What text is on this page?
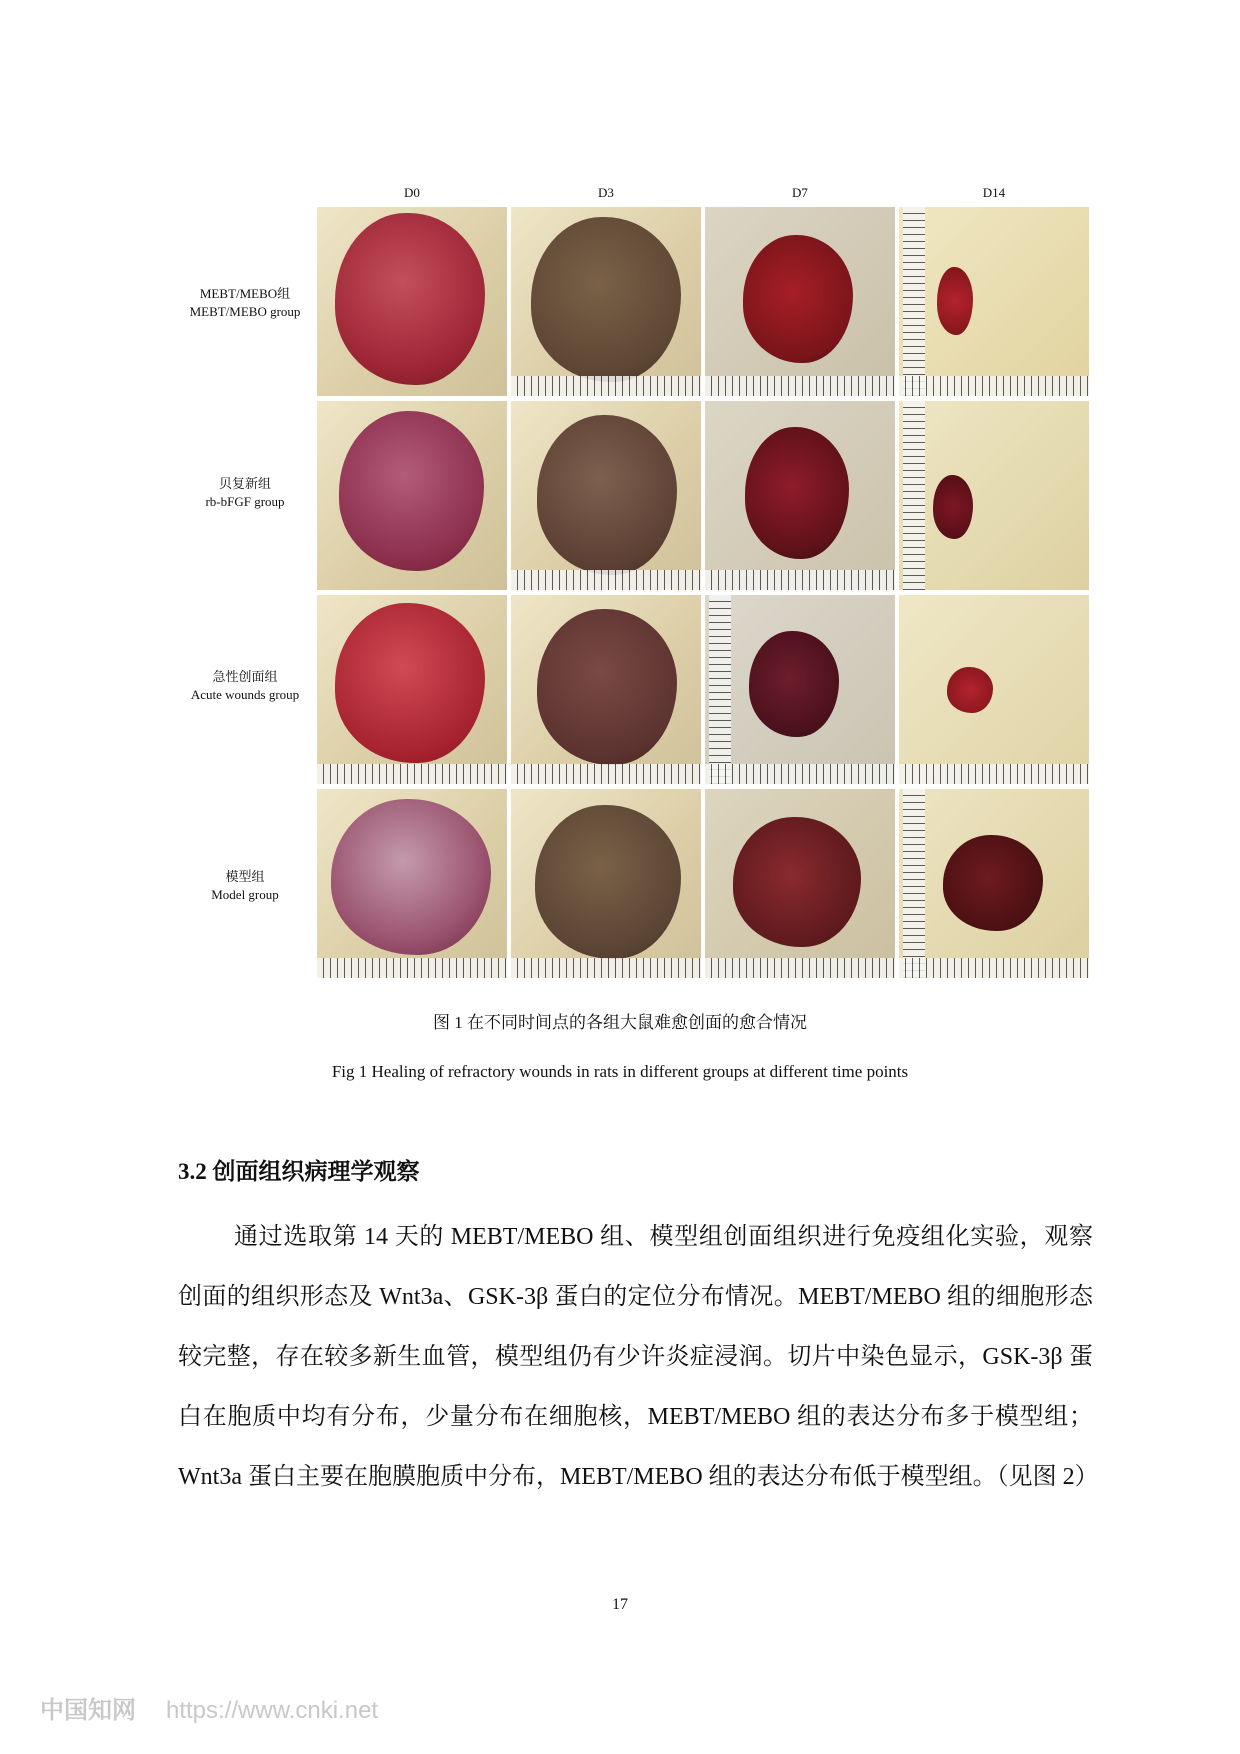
D0	D3	D7	D14
MEBT/MEBO组
MEBT/MEBO group
贝复新组
rb-bFGF group
急性创面组
Acute wounds group
模型组
Model group
图 1 在不同时间点的各组大鼠难愈创面的愈合情况
Fig 1 Healing of refractory wounds in rats in different groups at different time points
3.2 创面组织病理学观察

通过选取第 14 天的 MEBT/MEBO 组、模型组创面组织进行免疫组化实验，观察创面的组织形态及 Wnt3a、GSK-3β 蛋白的定位分布情况。MEBT/MEBO 组的细胞形态较完整，存在较多新生血管，模型组仍有少许炎症浸润。切片中染色显示，GSK-3β 蛋白在胞质中均有分布，少量分布在细胞核，MEBT/MEBO 组的表达分布多于模型组；Wnt3a 蛋白主要在胞膜胞质中分布，MEBT/MEBO 组的表达分布低于模型组。（见图 2）

17
中国知网 https://www.cnki.net
